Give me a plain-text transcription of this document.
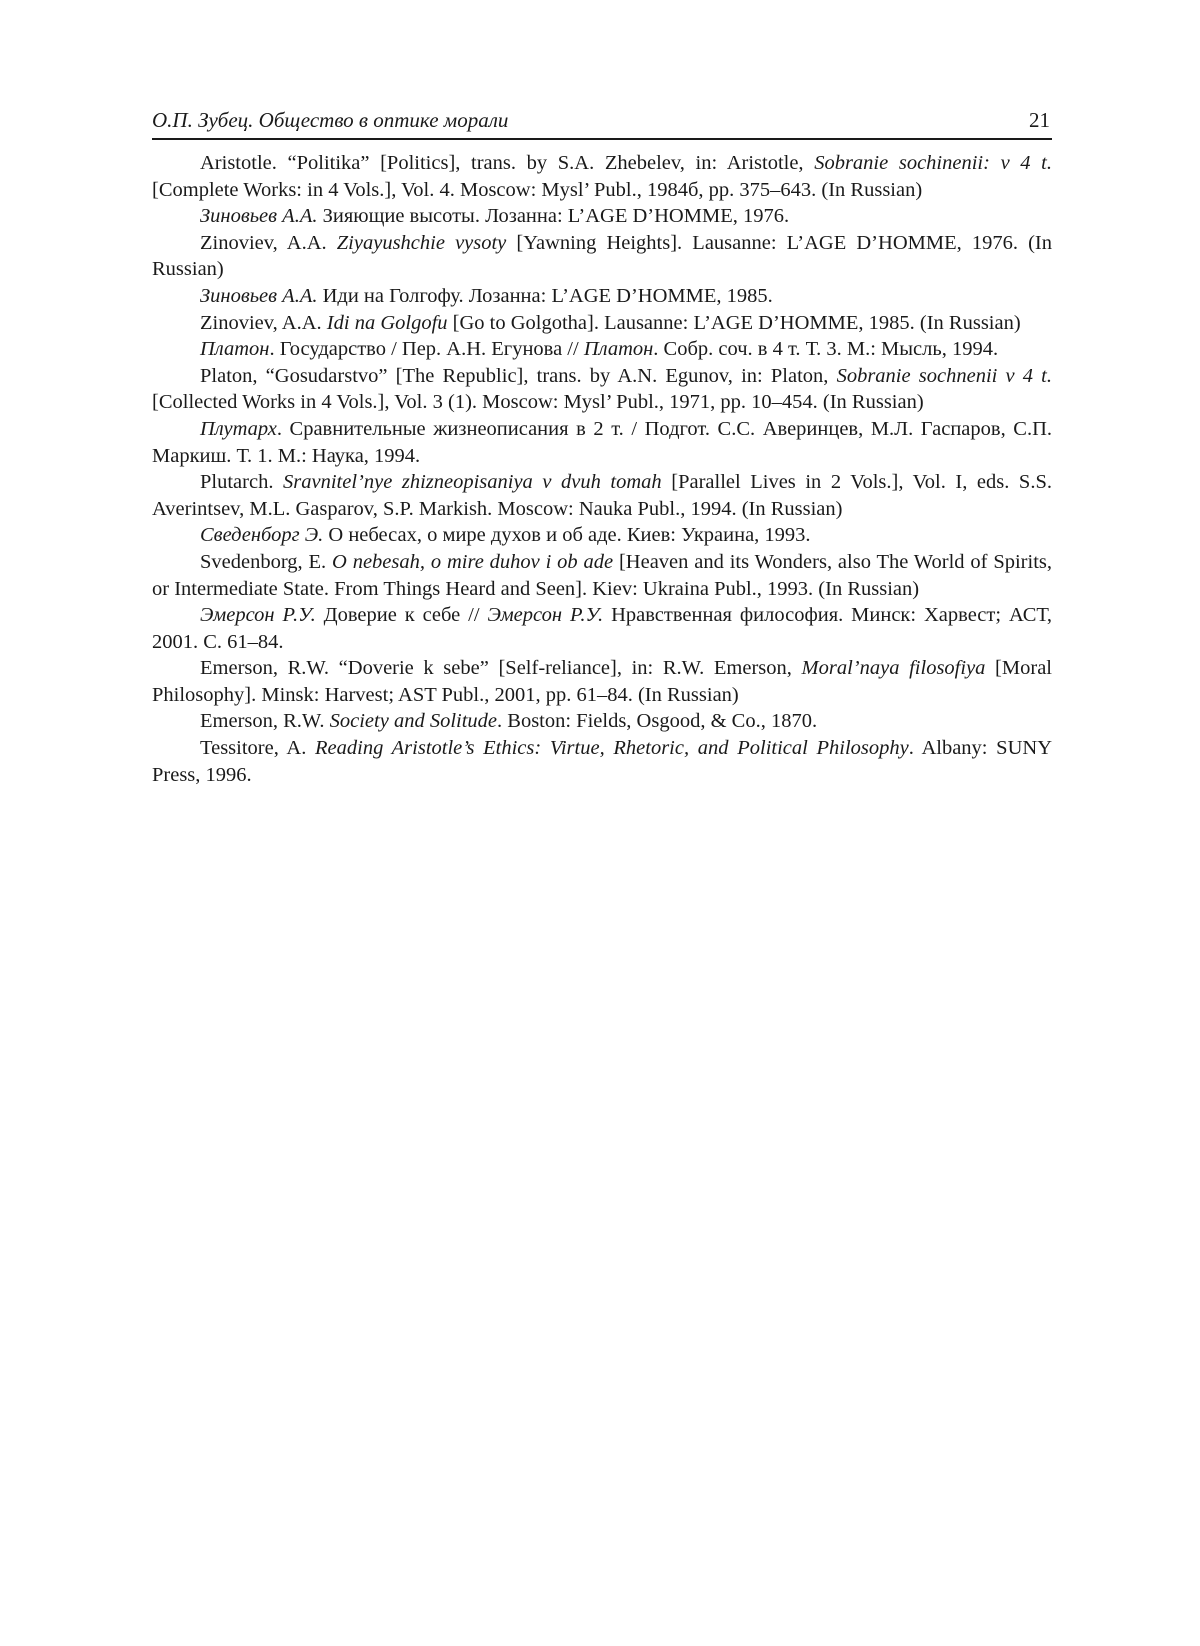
О.П. Зубец. Общество в оптике морали	21

Aristotle. “Politika” [Politics], trans. by S.A. Zhebelev, in: Aristotle, Sobranie sochinenii: v 4 t. [Complete Works: in 4 Vols.], Vol. 4. Moscow: Mysl’ Publ., 1984б, pp. 375–643. (In Russian)

Зиновьев А.А. Зияющие высоты. Лозанна: L’AGE D’HOMME, 1976.

Zinoviev, A.A. Ziyayushchie vysoty [Yawning Heights]. Lausanne: L’AGE D’HOMME, 1976. (In Russian)

Зиновьев А.А. Иди на Голгофу. Лозанна: L’AGE D’HOMME, 1985.

Zinoviev, A.A. Idi na Golgofu [Go to Golgotha]. Lausanne: L’AGE D’HOMME, 1985. (In Russian)

Платон. Государство / Пер. А.Н. Егунова // Платон. Собр. соч. в 4 т. Т. 3. М.: Мысль, 1994.

Platon, “Gosudarstvo” [The Republic], trans. by A.N. Egunov, in: Platon, Sobranie sochnenii v 4 t. [Collected Works in 4 Vols.], Vol. 3 (1). Moscow: Mysl’ Publ., 1971, pp. 10–454. (In Russian)

Плутарх. Сравнительные жизнеописания в 2 т. / Подгот. С.С. Аверинцев, М.Л. Гаспаров, С.П. Маркиш. Т. 1. М.: Наука, 1994.

Plutarch. Sravnitel’nye zhizneopisaniya v dvuh tomah [Parallel Lives in 2 Vols.], Vol. I, eds. S.S. Averintsev, M.L. Gasparov, S.P. Markish. Moscow: Nauka Publ., 1994. (In Russian)

Сведенборг Э. О небесах, о мире духов и об аде. Киев: Украина, 1993.

Svedenborg, E. O nebesah, o mire duhov i ob ade [Heaven and its Wonders, also The World of Spirits, or Intermediate State. From Things Heard and Seen]. Kiev: Ukraina Publ., 1993. (In Russian)

Эмерсон Р.У. Доверие к себе // Эмерсон Р.У. Нравственная философия. Минск: Харвест; АСТ, 2001. С. 61–84.

Emerson, R.W. “Doverie k sebe” [Self-reliance], in: R.W. Emerson, Moral’naya filosofiya [Moral Philosophy]. Minsk: Harvest; AST Publ., 2001, pp. 61–84. (In Russian)

Emerson, R.W. Society and Solitude. Boston: Fields, Osgood, & Co., 1870.

Tessitore, A. Reading Aristotle’s Ethics: Virtue, Rhetoric, and Political Philosophy. Albany: SUNY Press, 1996.
